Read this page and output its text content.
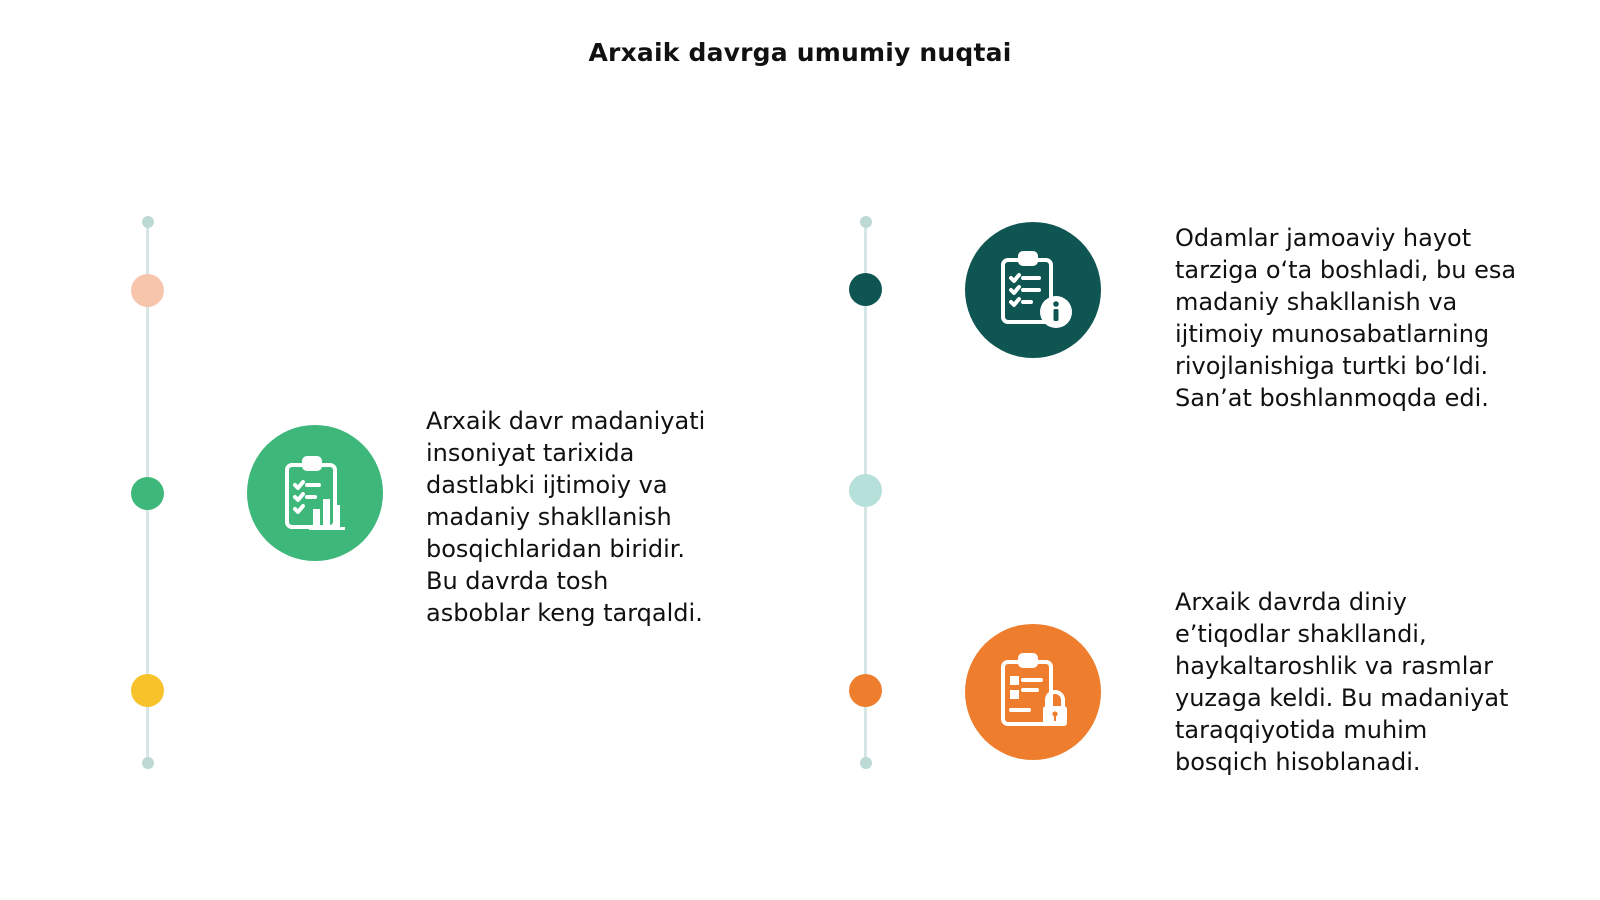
Arxaik davrga umumiy nuqtai
Arxaik davr madaniyati
insoniyat tarixida
dastlabki ijtimoiy va
madaniy shakllanish
bosqichlaridan biridir.
Bu davrda tosh
asboblar keng tarqaldi.
Odamlar jamoaviy hayot
tarziga o‘ta boshladi, bu esa
madaniy shakllanish va
ijtimoiy munosabatlarning
rivojlanishiga turtki bo‘ldi.
San’at boshlanmoqda edi.
Arxaik davrda diniy
e’tiqodlar shakllandi,
haykaltaroshlik va rasmlar
yuzaga keldi. Bu madaniyat
taraqqiyotida muhim
bosqich hisoblanadi.
